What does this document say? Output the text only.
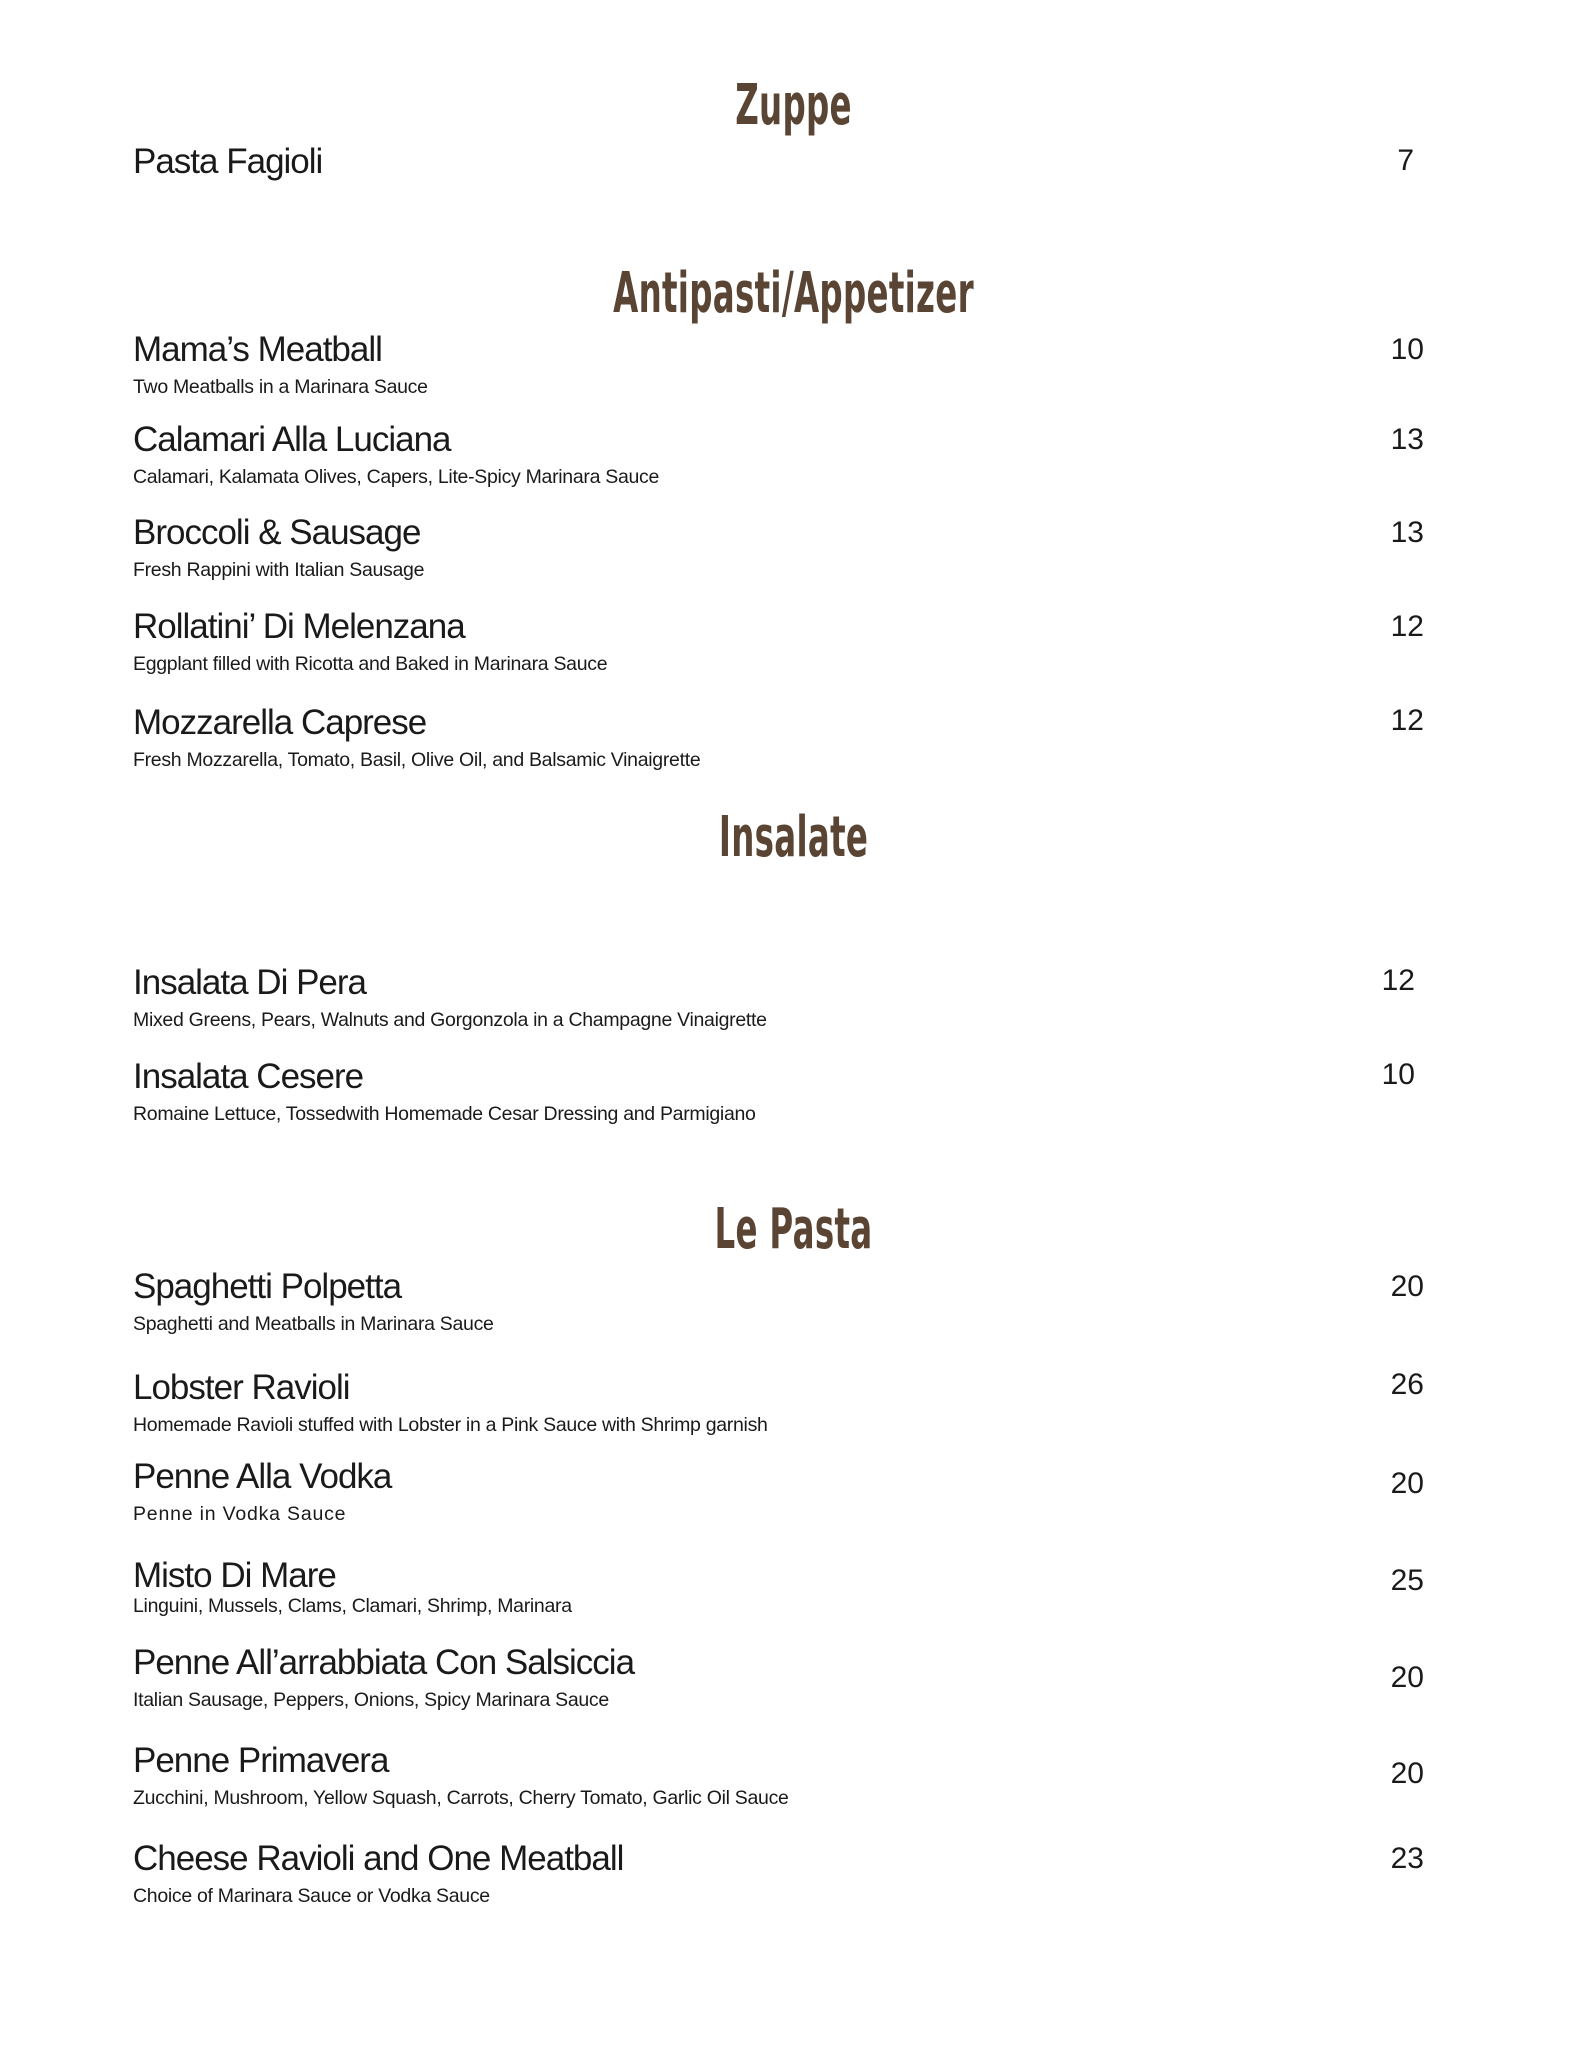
Zuppe
Pasta Fagioli	7
Antipasti/Appetizer
Mama’s Meatball
Two Meatballs in a Marinara Sauce
10
Calamari Alla Luciana
Calamari, Kalamata Olives, Capers, Lite-Spicy Marinara Sauce
13
Broccoli & Sausage
Fresh Rappini with Italian Sausage
13
Rollatini’ Di Melenzana
Eggplant filled with Ricotta and Baked in Marinara Sauce
12
Mozzarella Caprese
Fresh Mozzarella, Tomato, Basil, Olive Oil, and Balsamic Vinaigrette
12
Insalate
Insalata Di Pera
Mixed Greens, Pears, Walnuts and Gorgonzola in a Champagne Vinaigrette
12
Insalata Cesere
Romaine Lettuce, Tossedwith Homemade Cesar Dressing and Parmigiano
10
Le Pasta
Spaghetti Polpetta
Spaghetti and Meatballs in Marinara Sauce
20
Lobster Ravioli
Homemade Ravioli stuffed with Lobster in a Pink Sauce with Shrimp garnish
26
Penne Alla Vodka
Penne in Vodka Sauce
20
Misto Di Mare
Linguini, Mussels, Clams, Clamari, Shrimp, Marinara
25
Penne All’arrabbiata Con Salsiccia
Italian Sausage, Peppers, Onions, Spicy Marinara Sauce
20
Penne Primavera
Zucchini, Mushroom, Yellow Squash, Carrots, Cherry Tomato, Garlic Oil Sauce
20
Cheese Ravioli and One Meatball
Choice of Marinara Sauce or Vodka Sauce
23
